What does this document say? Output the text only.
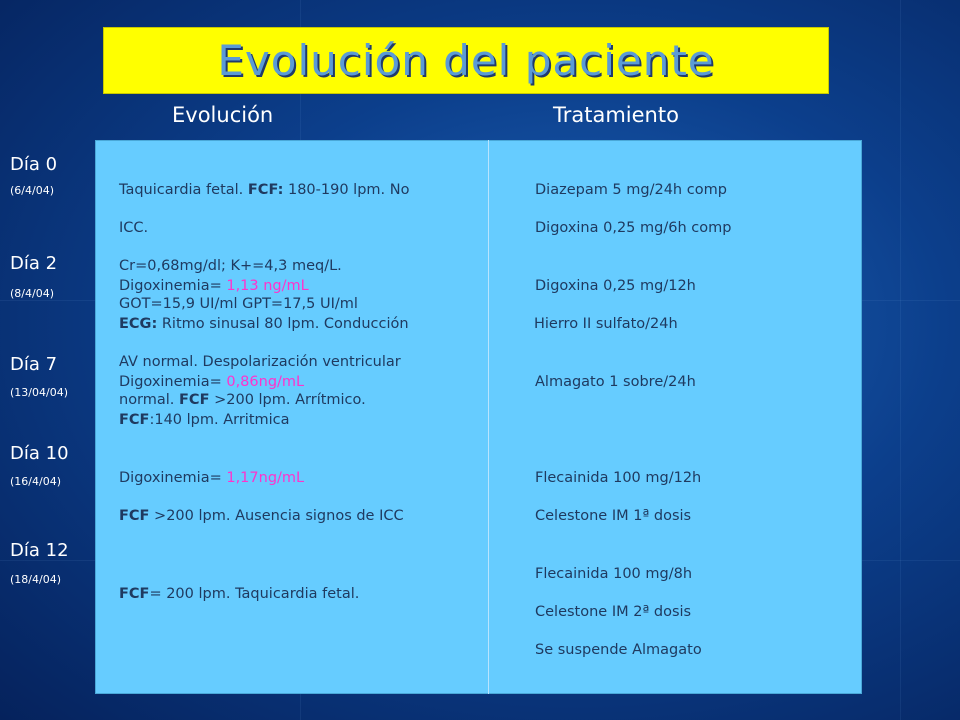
Evolución del paciente
Evolución	Tratamiento
Día 0
(6/4/04)
Día 2
(8/4/04)
Día 7
(13/04/04)
Día 10
(16/4/04)
Día 12
(18/4/04)

Taquicardia fetal. FCF: 180-190 lpm. No

ICC.

Cr=0,68mg/dl; K+=4,3 meq/L.

GOT=15,9 UI/ml GPT=17,5 UI/ml

Digoxinemia= 1,13 ng/mL

ECG: Ritmo sinusal 80 lpm. Conducción

AV normal. Despolarización ventricular

normal. FCF >200 lpm. Arrítmico.

Digoxinemia= 0,86ng/mL

FCF:140 lpm. Arritmica

Digoxinemia= 1,17ng/mL

FCF >200 lpm. Ausencia signos de ICC

FCF= 200 lpm. Taquicardia fetal.

Diazepam 5 mg/24h comp

Digoxina 0,25 mg/6h comp

Digoxina 0,25 mg/12h

Hierro II sulfato/24h

Almagato 1 sobre/24h

Flecainida 100 mg/12h

Celestone IM 1ª dosis

Flecainida 100 mg/8h

Celestone IM 2ª dosis

Se suspende Almagato
